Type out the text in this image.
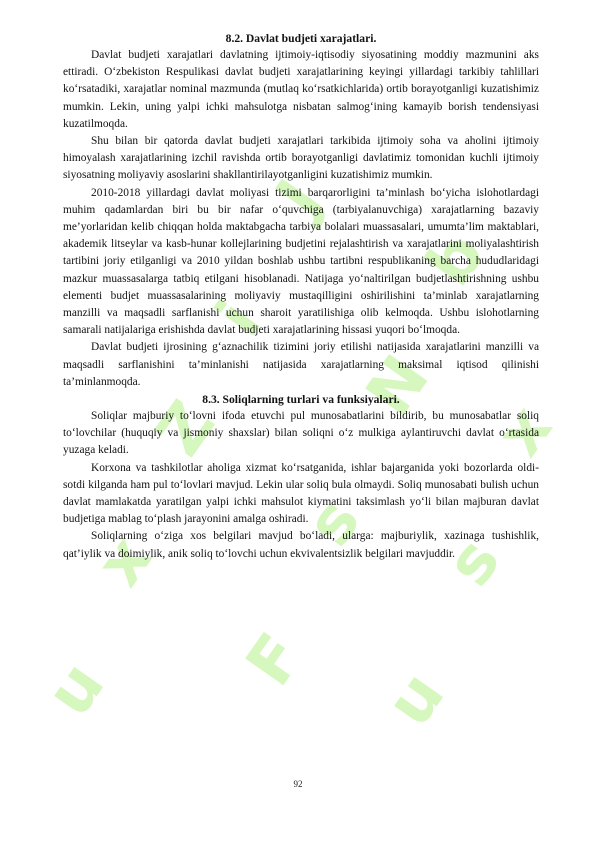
J
i
Z
x
u
b
N
s
F
x
s
u

8.2. Davlat budjeti xarajatlari.

Davlat budjeti xarajatlari davlatning ijtimoiy-iqtisodiy siyosatining moddiy mazmunini aks ettiradi. O‘zbekiston Respulikasi davlat budjeti xarajatlarining keyingi yillardagi tarkibiy tahlillari ko‘rsatadiki, xarajatlar nominal mazmunda (mutlaq ko‘rsatkichlarida) ortib borayotganligi kuzatishimiz mumkin. Lekin, uning yalpi ichki mahsulotga nisbatan salmog‘ining kamayib borish tendensiyasi kuzatilmoqda.

Shu bilan bir qatorda davlat budjeti xarajatlari tarkibida ijtimoiy soha va aholini ijtimoiy himoyalash xarajatlarining izchil ravishda ortib borayotganligi davlatimiz tomonidan kuchli ijtimoiy siyosatning moliyaviy asoslarini shakllantirilayotganligini kuzatishimiz mumkin.

2010-2018 yillardagi davlat moliyasi tizimi barqarorligini ta’minlash bo‘yicha islohotlardagi muhim qadamlardan biri bu bir nafar o‘quvchiga (tarbiyalanuvchiga) xarajatlarning bazaviy me’yorlaridan kelib chiqqan holda maktabgacha tarbiya bolalari muassasalari, umumta’lim maktablari, akademik litseylar va kasb-hunar kollejlarining budjetini rejalashtirish va xarajatlarini moliyalashtirish tartibini joriy etilganligi va 2010 yildan boshlab ushbu tartibni respublikaning barcha hududlaridagi mazkur muassasalarga tatbiq etilgani hisoblanadi. Natijaga yo‘naltirilgan budjetlashtirishning ushbu elementi budjet muassasalarining moliyaviy mustaqilligini oshirilishini ta’minlab xarajatlarning manzilli va maqsadli sarflanishi uchun sharoit yaratilishiga olib kelmoqda. Ushbu islohotlarning samarali natijalariga erishishda davlat budjeti xarajatlarining hissasi yuqori bo‘lmoqda.

Davlat budjeti ijrosining g‘aznachilik tizimini joriy etilishi natijasida xarajatlarini manzilli va maqsadli sarflanishini ta’minlanishi natijasida xarajatlarning maksimal iqtisod qilinishi ta’minlanmoqda.

8.3. Soliqlarning turlari va funksiyalari.

Soliqlar majburiy to‘lovni ifoda etuvchi pul munosabatlarini bildirib, bu munosabatlar soliq to‘lovchilar (huquqiy va jismoniy shaxslar) bilan soliqni o‘z mulkiga aylantiruvchi davlat o‘rtasida yuzaga keladi.

Korxona va tashkilotlar aholiga xizmat ko‘rsatganida, ishlar bajarganida yoki bozorlarda oldi-sotdi kilganda ham pul to‘lovlari mavjud. Lekin ular soliq bula olmaydi. Soliq munosabati bulish uchun davlat mamlakatda yaratilgan yalpi ichki mahsulot kiymatini taksimlash yo‘li bilan majburan davlat budjetiga mablag to‘plash jarayonini amalga oshiradi.

Soliqlarning o‘ziga xos belgilari mavjud bo‘ladi, ularga: majburiylik, xazinaga tushishlik, qat’iylik va doimiylik, anik soliq to‘lovchi uchun ekvivalentsizlik belgilari mavjuddir.

92
